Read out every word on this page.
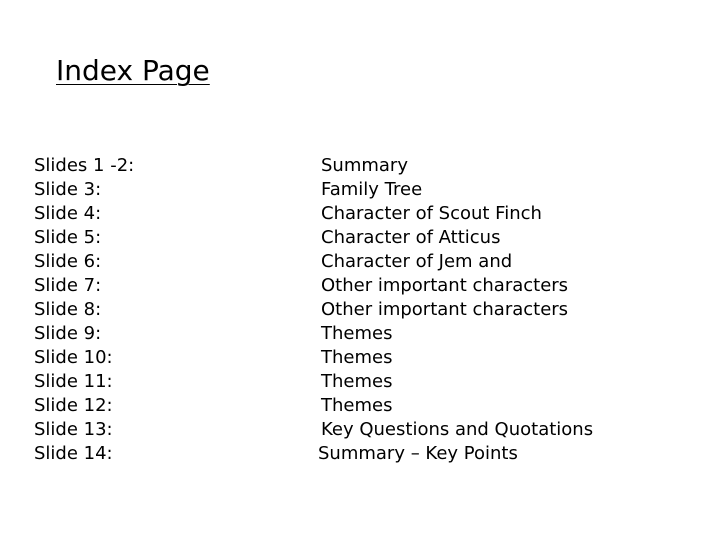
Index Page
Slides 1 -2:	Summary
Slide 3:	Family Tree
Slide 4:	Character of Scout Finch
Slide 5:	Character of Atticus
Slide 6:	Character of Jem and
Slide 7:	Other important characters
Slide 8:	Other important characters
Slide 9:	Themes
Slide 10:	Themes
Slide 11:	Themes
Slide 12:	Themes
Slide 13:	Key Questions and Quotations
Slide 14:	Summary – Key Points
